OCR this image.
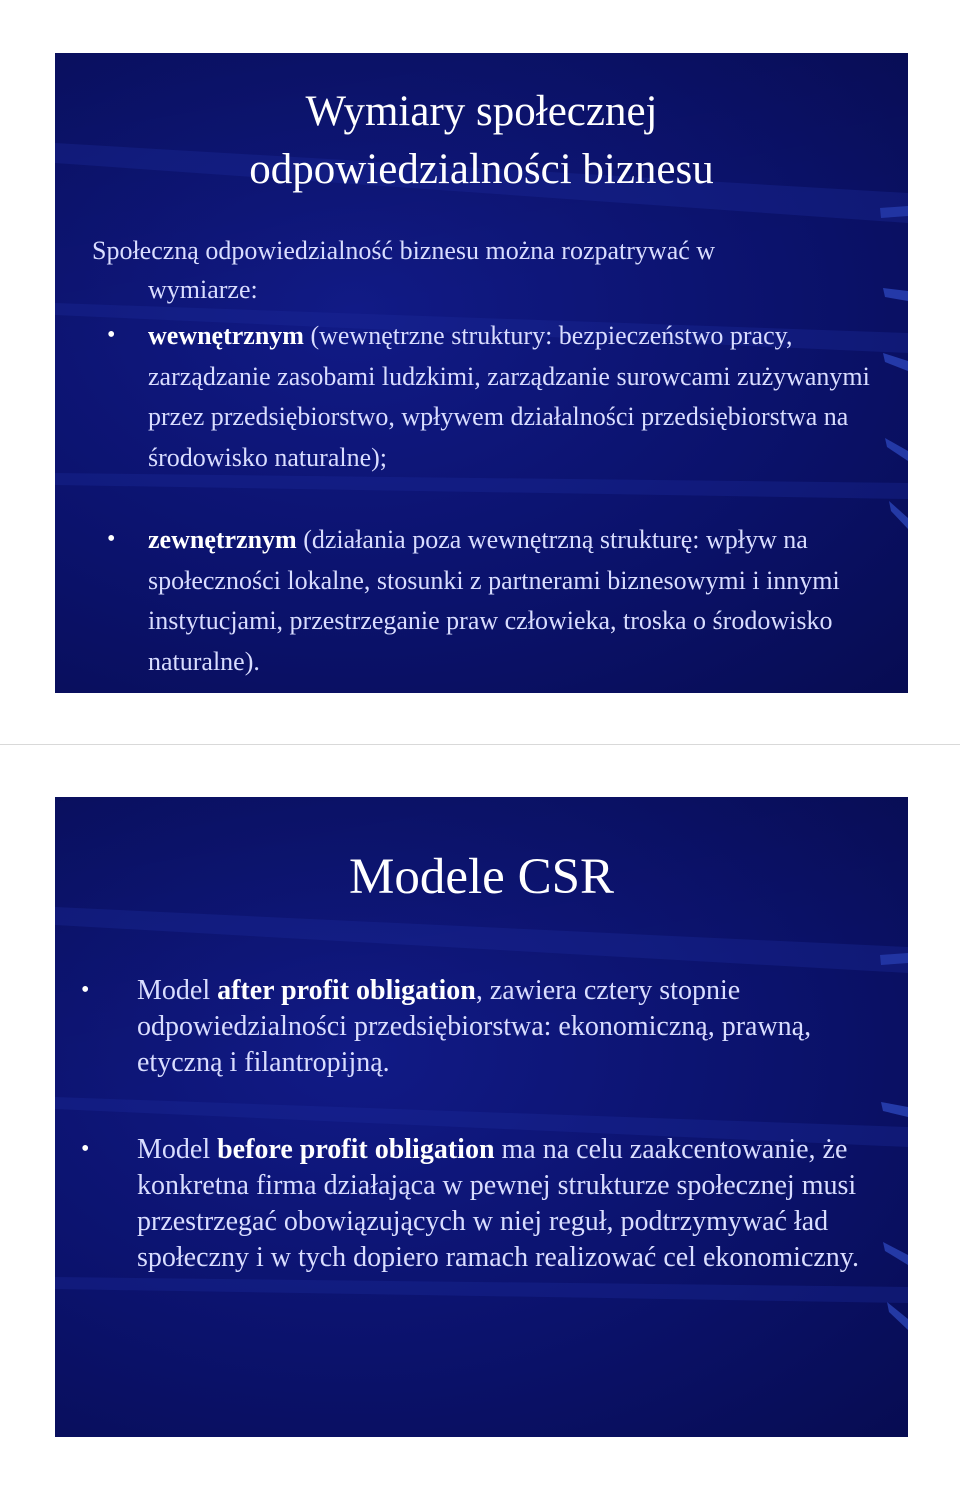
Wymiary społecznej
odpowiedzialności biznesu

Społeczną odpowiedzialność biznesu można rozpatrywać w
wymiarze:

• wewnętrznym (wewnętrzne struktury: bezpieczeństwo pracy, zarządzanie zasobami ludzkimi, zarządzanie surowcami zużywanymi przez przedsiębiorstwo, wpływem działalności przedsiębiorstwa na środowisko naturalne);
• zewnętrznym (działania poza wewnętrzną strukturę: wpływ na społeczności lokalne, stosunki z partnerami biznesowymi i innymi instytucjami, przestrzeganie praw człowieka, troska o środowisko naturalne).
Modele CSR
• Model after profit obligation, zawiera cztery stopnie odpowiedzialności przedsiębiorstwa: ekonomiczną, prawną, etyczną i filantropijną.
• Model before profit obligation ma na celu zaakcentowanie, że konkretna firma działająca w pewnej strukturze społecznej musi przestrzegać obowiązujących w niej reguł, podtrzymywać ład społeczny i w tych dopiero ramach realizować cel ekonomiczny.
